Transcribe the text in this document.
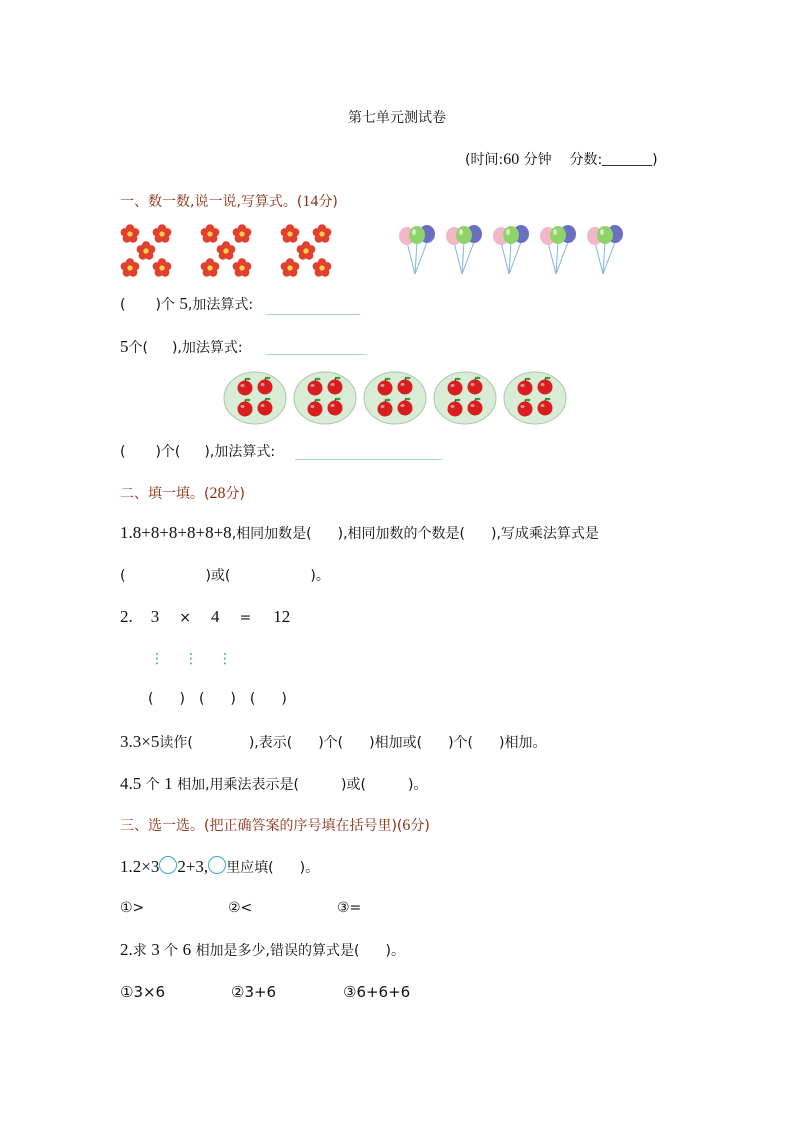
第七单元测试卷
(时间:60 分钟 分数:	)
一、数一数,说一说,写算式。(14分)
( )个 5,加法算式:
5个( ),加法算式:
( )个( ),加法算式:
二、填一填。(28分)
1.8+8+8+8+8+8,相同加数是( ),相同加数的个数是( ),写成乘法算式是
(	)或(	)。
2. 3 × 4 = 12
⋮ ⋮ ⋮
( ) ( ) ( )
3.3×5读作(	),表示( )个( )相加或( )个( )相加。
4.5 个 1 相加,用乘法表示是(	)或(	)。
三、选一选。(把正确答案的序号填在括号里)(6分)
1.2×3 2+3, 里应填( )。
①>	②<	③=
2.求 3 个 6 相加是多少,错误的算式是( )。
①3×6	②3+6	③6+6+6
